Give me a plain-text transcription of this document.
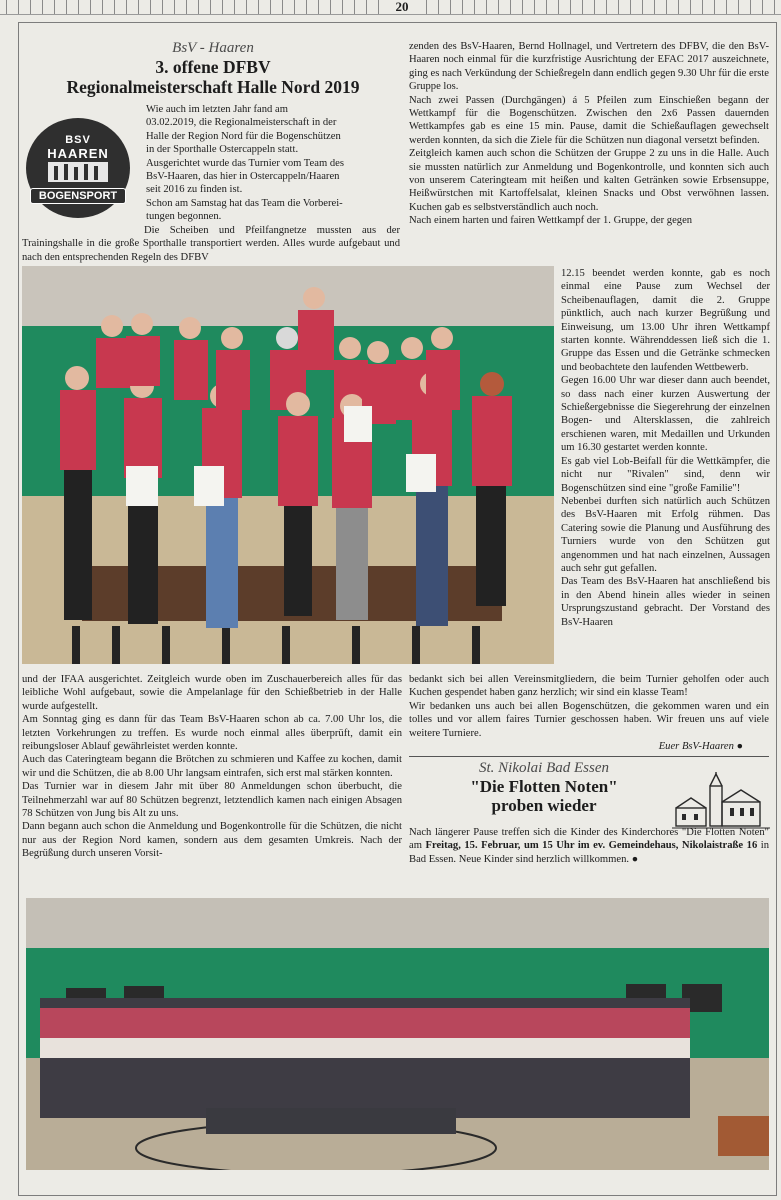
20

BsV - Haaren

3. offene DFBV

Regionalmeisterschaft Halle Nord 2019

BSV
HAAREN
BOGENSPORT

Wie auch im letzten Jahr fand am

03.02.2019, die Regionalmeisterschaft in der

Halle der Region Nord für die Bogenschützen

in der Sporthalle Ostercappeln statt.

Ausgerichtet wurde das Turnier vom Team des

BsV-Haaren, das hier in Ostercappeln/Haaren

seit 2016 zu finden ist.

Schon am Samstag hat das Team die Vorberei-

tungen begonnen.

Die Scheiben und Pfeilfangnetze mussten aus der Trainingshalle in die große Sporthalle transportiert werden. Alles wurde aufgebaut und nach den entsprechenden Regeln des DFBV

zenden des BsV-Haaren, Bernd Hollnagel, und Vertretern des DFBV, die den BsV-Haaren noch einmal für die kurzfristige Ausrichtung der EFAC 2017 auszeichnete, ging es nach Verkündung der Schießregeln dann endlich gegen 9.30 Uhr für die erste Gruppe los.

Nach zwei Passen (Durchgängen) á 5 Pfeilen zum Einschießen begann der Wettkampf für die Bogenschützen. Zwischen den 2x6 Passen dauernden Wettkampfes gab es eine 15 min. Pause, damit die Schießauflagen gewechselt werden konnten, da sich die Ziele für die Schützen nun diagonal versetzt befinden.

Zeitgleich kamen auch schon die Schützen der Gruppe 2 zu uns in die Halle. Auch sie mussten natürlich zur Anmeldung und Bogenkontrolle, und konnten sich auch von unserem Cateringteam mit heißen und kalten Getränken sowie Erbsensuppe, Heißwürstchen mit Kartoffelsalat, kleinen Snacks und Obst verwöhnen lassen. Kuchen gab es selbstverständlich auch noch.

Nach einem harten und fairen Wettkampf der 1. Gruppe, der gegen

12.15 beendet werden konnte, gab es noch einmal eine Pause zum Wechsel der Scheibenauflagen, damit die 2. Gruppe pünktlich, auch nach kurzer Begrüßung und Einweisung, um 13.00 Uhr ihren Wettkampf starten konnte. Währenddessen ließ sich die 1. Gruppe das Essen und die Getränke schmecken und beobachtete den laufenden Wettbewerb.

Gegen 16.00 Uhr war dieser dann auch beendet, so dass nach einer kurzen Auswertung der Schießergebnisse die Siegerehrung der einzelnen Bogen- und Altersklassen, die zahlreich erschienen waren, mit Medaillen und Urkunden um 16.30 gestartet werden konnte.

Es gab viel Lob-Beifall für die Wettkämpfer, die nicht nur "Rivalen" sind, denn wir Bogenschützen sind eine "große Familie"!

Nebenbei durften sich natürlich auch Schützen des BsV-Haaren mit Erfolg rühmen. Das Catering sowie die Planung und Ausführung des Turniers wurde von den Schützen gut angenommen und hat nach einzelnen, Aussagen auch sehr gut gefallen.

Das Team des BsV-Haaren hat anschließend bis in den Abend hinein alles wieder in seinen Ursprungszustand gebracht. Der Vorstand des BsV-Haaren

und der IFAA ausgerichtet. Zeitgleich wurde oben im Zuschauerbereich alles für das leibliche Wohl aufgebaut, sowie die Ampelanlage für den Schießbetrieb in der Halle wurde aufgestellt.

Am Sonntag ging es dann für das Team BsV-Haaren schon ab ca. 7.00 Uhr los, die letzten Vorkehrungen zu treffen. Es wurde noch einmal alles überprüft, damit ein reibungsloser Ablauf gewährleistet werden konnte.

Auch das Cateringteam begann die Brötchen zu schmieren und Kaffee zu kochen, damit wir und die Schützen, die ab 8.00 Uhr langsam eintrafen, sich erst mal stärken konnten.

Das Turnier war in diesem Jahr mit über 80 Anmeldungen schon überbucht, die Teilnehmerzahl war auf 80 Schützen begrenzt, letztendlich kamen nach einigen Absagen 78 Schützen von Jung bis Alt zu uns.

Dann begann auch schon die Anmeldung und Bogenkontrolle für die Schützen, die nicht nur aus der Region Nord kamen, sondern aus dem gesamten Umkreis. Nach der Begrüßung durch unseren Vorsit-

bedankt sich bei allen Vereinsmitgliedern, die beim Turnier geholfen oder auch Kuchen gespendet haben ganz herzlich; wir sind ein klasse Team!

Wir bedanken uns auch bei allen Bogenschützen, die gekommen waren und ein tolles und vor allem faires Turnier geschossen haben. Wir freuen uns auf viele weitere Turniere.

Euer BsV-Haaren ●

St. Nikolai Bad Essen

"Die Flotten Noten"

proben wieder

Nach längerer Pause treffen sich die Kinder des Kinderchores "Die Flotten Noten" am Freitag, 15. Februar, um 15 Uhr im ev. Gemeindehaus, Nikolaistraße 16 in Bad Essen. Neue Kinder sind herzlich willkommen. ●
